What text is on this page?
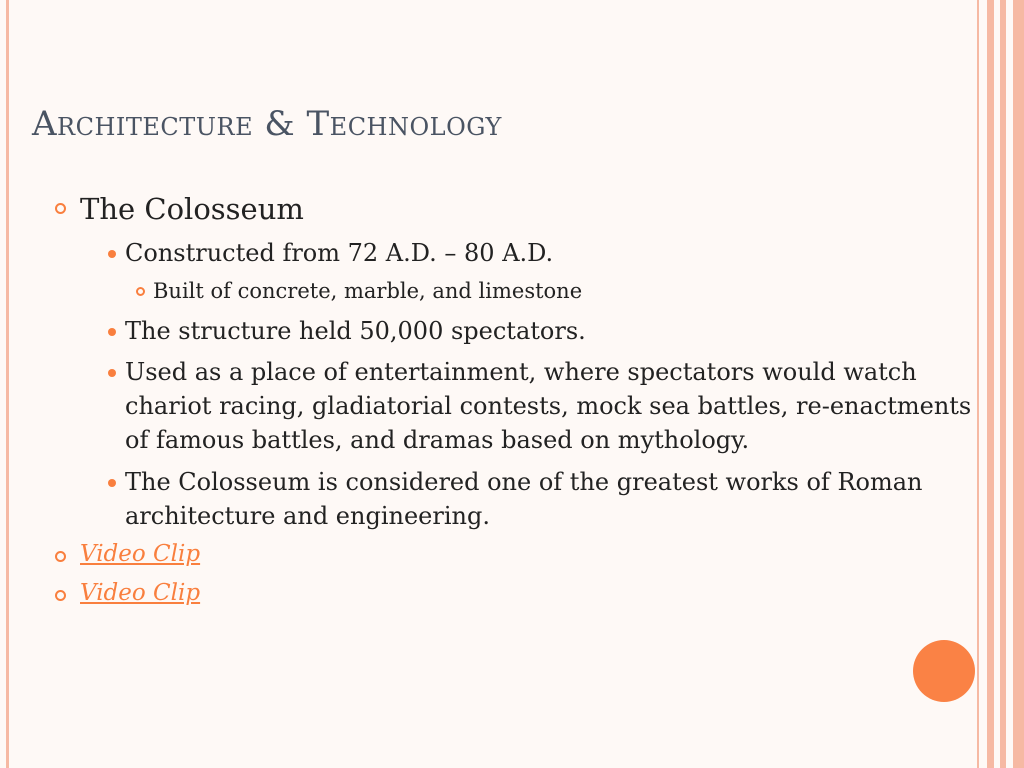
Architecture & Technology
The Colosseum
Constructed from 72 A.D. – 80 A.D.
Built of concrete, marble, and limestone
The structure held 50,000 spectators.
Used as a place of entertainment, where spectators would watch chariot racing, gladiatorial contests, mock sea battles, re-enactments of famous battles, and dramas based on mythology.
The Colosseum is considered one of the greatest works of Roman architecture and engineering.
Video Clip
Video Clip
